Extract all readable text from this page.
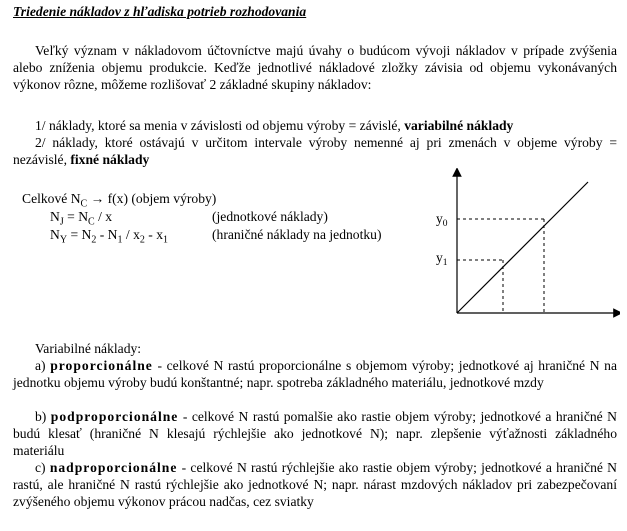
Triedenie nákladov z hľadiska potrieb rozhodovania

Veľký význam v nákladovom účtovníctve majú úvahy o budúcom vývoji nákladov v prípade zvýšenia alebo zníženia objemu produkcie. Keďže jednotlivé nákladové zložky závisia od objemu vykonávaných výkonov rôzne, môžeme rozlišovať 2 základné skupiny nákladov:

1/ náklady, ktoré sa menia v závislosti od objemu výroby = závislé, variabilné náklady

2/ náklady, ktoré ostávajú v určitom intervale výroby nemenné aj pri zmenách v objeme výroby = nezávislé, fixné náklady

Celkové $N_C \to f(x)$ (objem výroby)
$N_J = N_C / x$	(jednotkové náklady)
$N_Y = N_2 - N_1 / x_2 - x_1$	(hraničné náklady na jednotku)
$y_0$
$y_1$
Variabilné náklady:

a) proporcionálne - celkové N rastú proporcionálne s objemom výroby; jednotkové aj hraničné N na jednotku objemu výroby budú konštantné; napr. spotreba základného materiálu, jednotkové mzdy

b) podproporcionálne - celkové N rastú pomalšie ako rastie objem výroby; jednotkové a hraničné N budú klesať (hraničné N klesajú rýchlejšie ako jednotkové N); napr. zlepšenie výťažnosti základného materiálu

c) nadproporcionálne - celkové N rastú rýchlejšie ako rastie objem výroby; jednotkové a hraničné N rastú, ale hraničné N rastú rýchlejšie ako jednotkové N; napr. nárast mzdových nákladov pri zabezpečovaní zvýšeného objemu výkonov prácou nadčas, cez sviatky
